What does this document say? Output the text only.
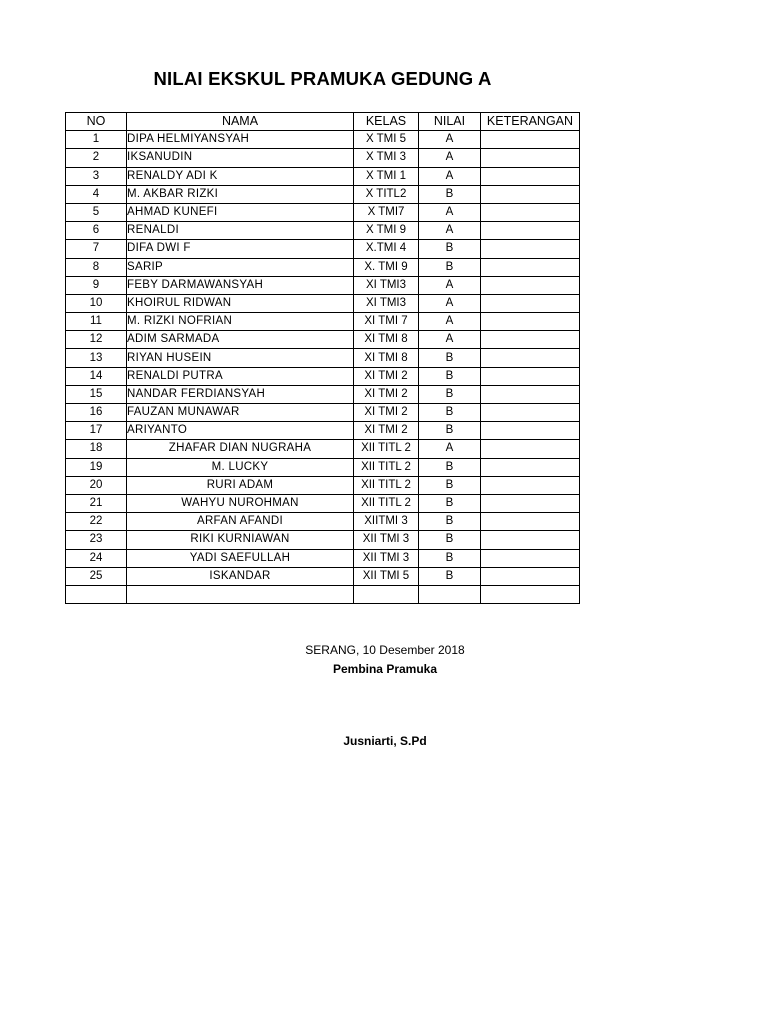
NILAI EKSKUL PRAMUKA GEDUNG A
NO	NAMA	KELAS	NILAI	KETERANGAN
1	DIPA HELMIYANSYAH	X TMI 5	A	
2	IKSANUDIN	X TMI 3	A	
3	RENALDY ADI K	X TMI 1	A	
4	M. AKBAR RIZKI	X TITL2	B	
5	AHMAD KUNEFI	X TMI7	A	
6	RENALDI	X TMI 9	A	
7	DIFA DWI F	X.TMI 4	B	
8	SARIP	X. TMI 9	B	
9	FEBY DARMAWANSYAH	XI TMI3	A	
10	KHOIRUL RIDWAN	XI TMI3	A	
11	M. RIZKI NOFRIAN	XI TMI 7	A	
12	ADIM SARMADA	XI TMI 8	A	
13	RIYAN HUSEIN	XI TMI 8	B	
14	RENALDI PUTRA	XI TMI 2	B	
15	NANDAR FERDIANSYAH	XI TMI 2	B	
16	FAUZAN MUNAWAR	XI TMI 2	B	
17	ARIYANTO	XI TMI 2	B	
18	ZHAFAR DIAN NUGRAHA	XII TITL 2	A	
19	M. LUCKY	XII TITL 2	B	
20	RURI ADAM	XII TITL 2	B	
21	WAHYU NUROHMAN	XII TITL 2	B	
22	ARFAN AFANDI	XIITMI 3	B	
23	RIKI KURNIAWAN	XII TMI 3	B	
24	YADI SAEFULLAH	XII TMI 3	B	
25	ISKANDAR	XII TMI 5	B	

SERANG, 10 Desember 2018
Pembina Pramuka
Jusniarti, S.Pd
